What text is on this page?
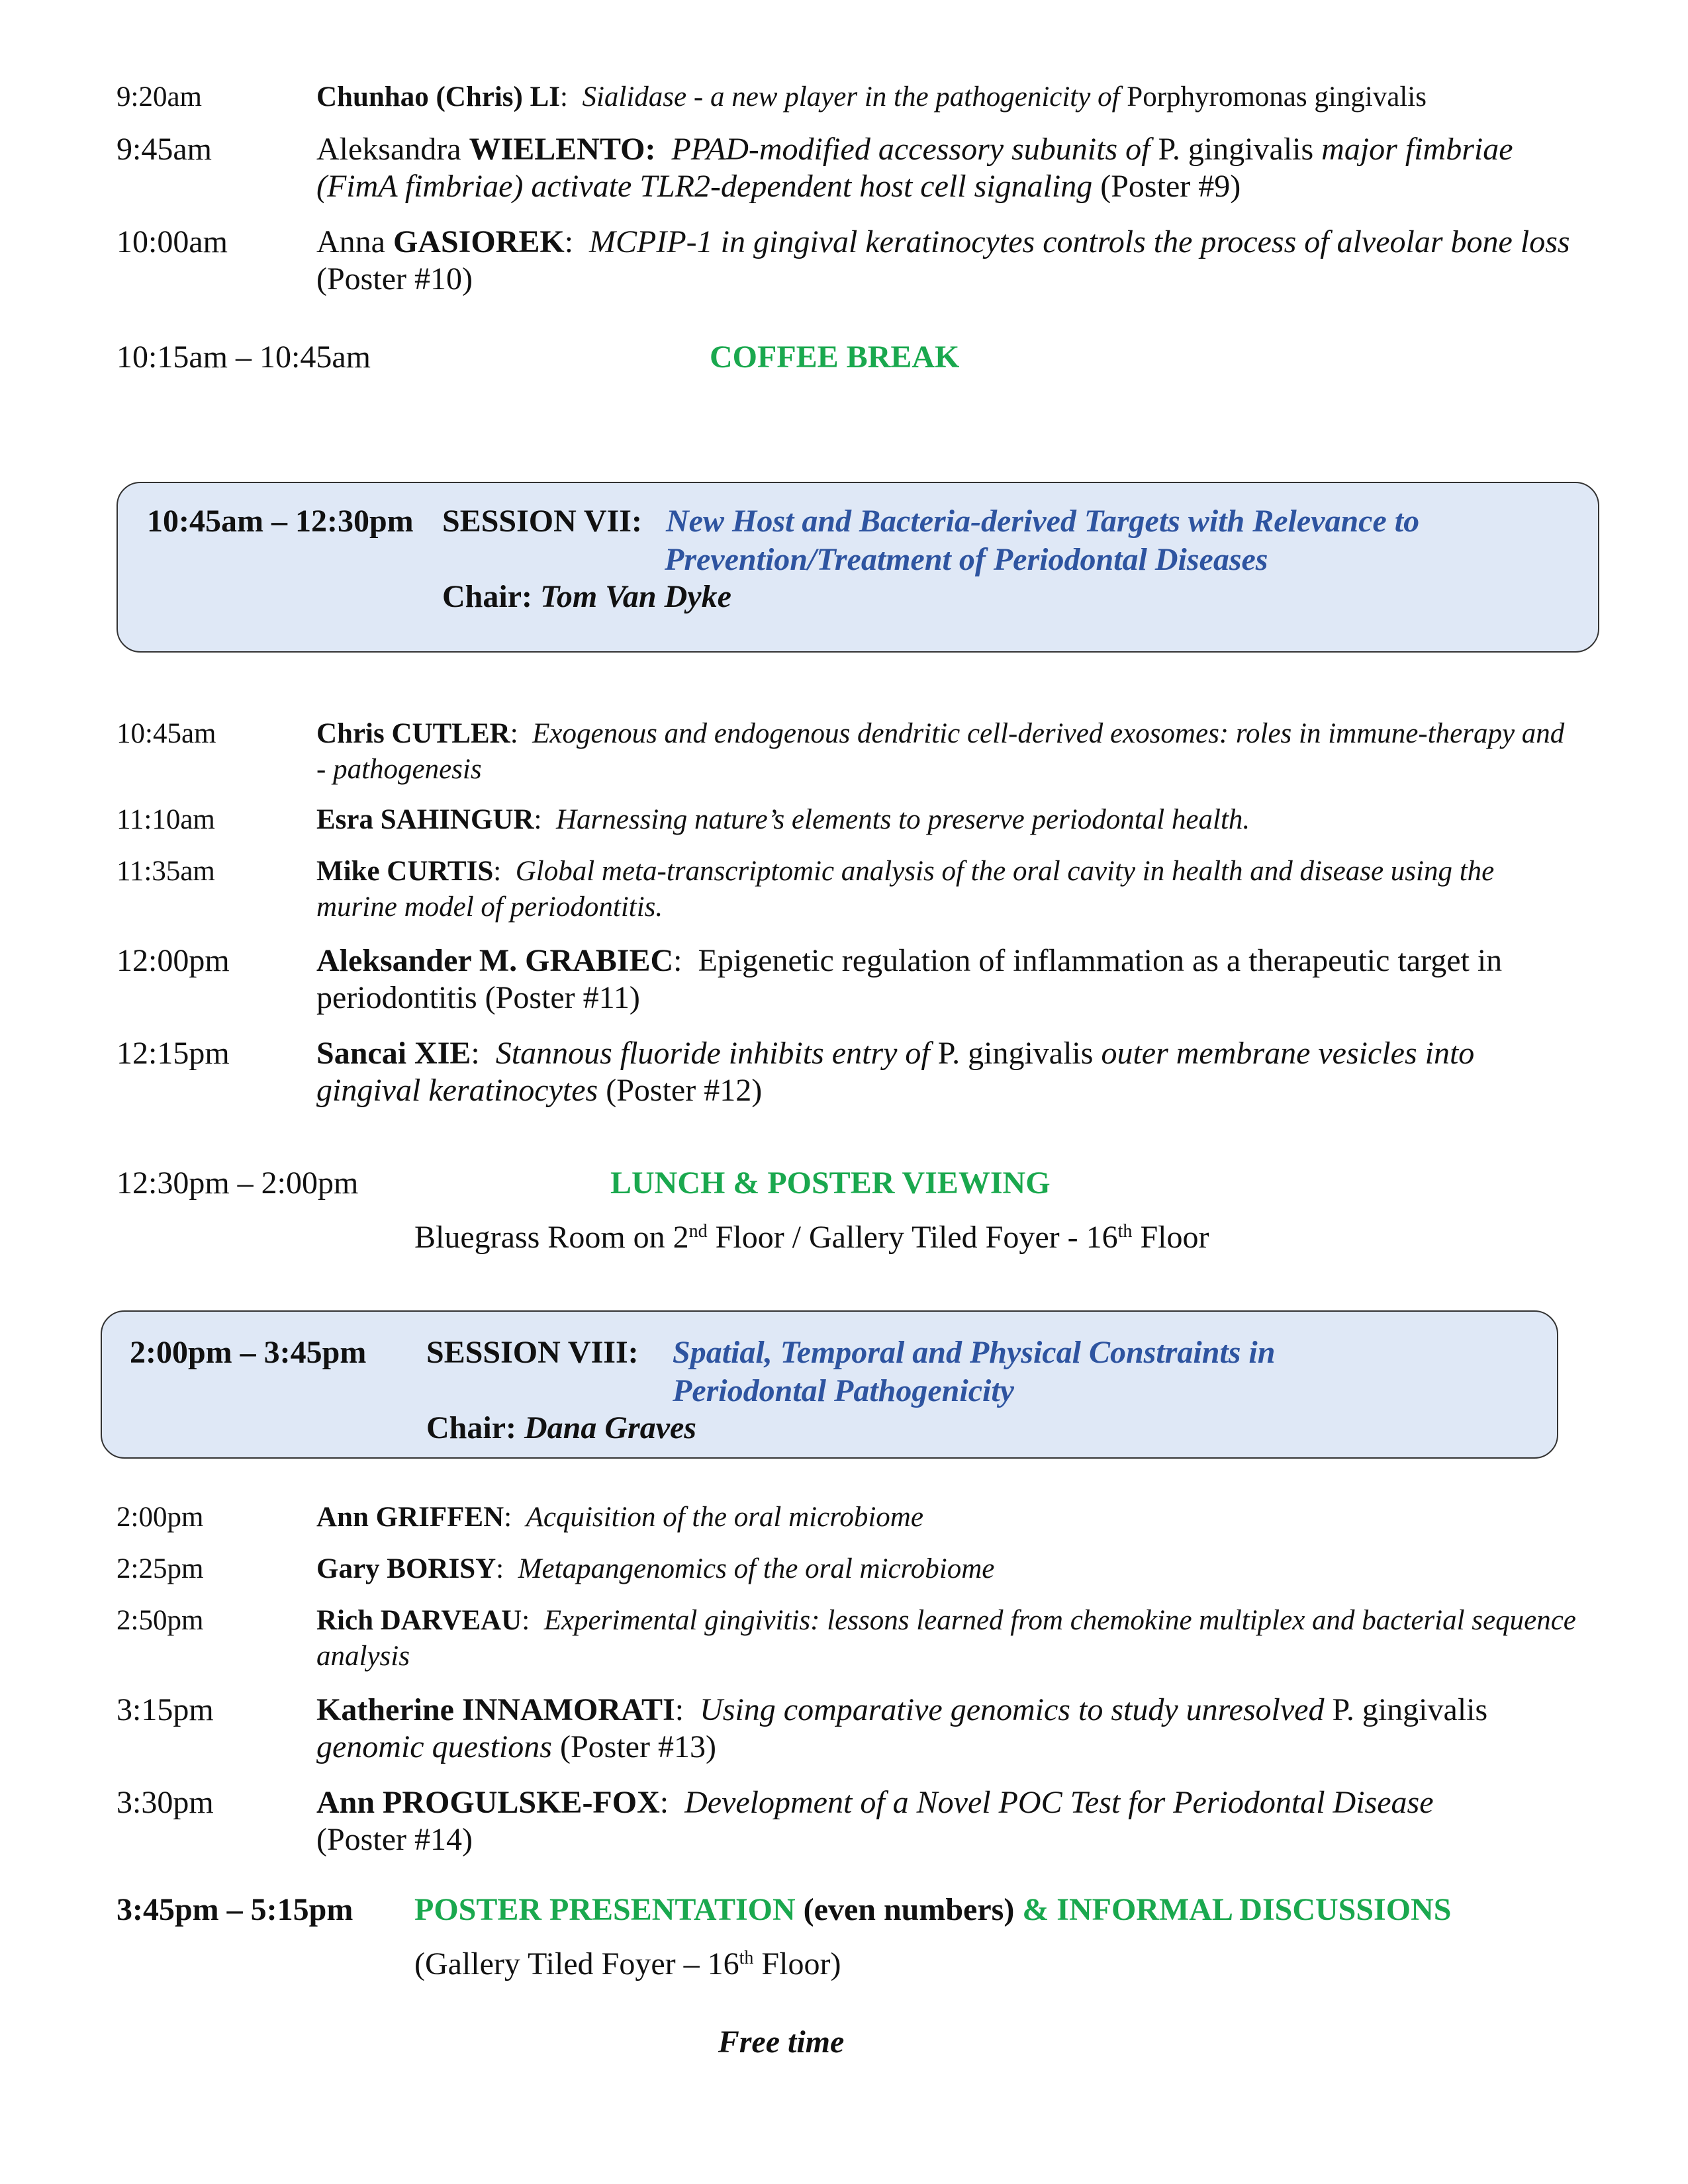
9:20am	Chunhao (Chris) LI:  Sialidase - a new player in the pathogenicity of Porphyromonas gingivalis
9:45am	Aleksandra WIELENTO: PPAD-modified accessory subunits of P. gingivalis major fimbriae (FimA fimbriae) activate TLR2-dependent host cell signaling (Poster #9)
10:00am	Anna GASIOREK:  MCPIP-1 in gingival keratinocytes controls the process of alveolar bone loss (Poster #10)
10:15am – 10:45am	COFFEE BREAK
10:45am – 12:30pm SESSION VII: New Host and Bacteria-derived Targets with Relevance to
Prevention/Treatment of Periodontal Diseases
Chair: Tom Van Dyke
10:45am	Chris CUTLER:  Exogenous and endogenous dendritic cell-derived exosomes: roles in immune-therapy and - pathogenesis
11:10am	Esra SAHINGUR:  Harnessing nature’s elements to preserve periodontal health.
11:35am	Mike CURTIS:  Global meta-transcriptomic analysis of the oral cavity in health and disease using the murine model of periodontitis.
12:00pm	Aleksander M. GRABIEC:  Epigenetic regulation of inflammation as a therapeutic target in periodontitis (Poster #11)
12:15pm	Sancai XIE:  Stannous fluoride inhibits entry of P. gingivalis outer membrane vesicles into gingival keratinocytes (Poster #12)
12:30pm – 2:00pm	LUNCH & POSTER VIEWING
Bluegrass Room on 2nd Floor / Gallery Tiled Foyer - 16th Floor
2:00pm – 3:45pm SESSION VIII: Spatial, Temporal and Physical Constraints in
Periodontal Pathogenicity
Chair: Dana Graves
2:00pm	Ann GRIFFEN:  Acquisition of the oral microbiome
2:25pm	Gary BORISY:  Metapangenomics of the oral microbiome
2:50pm	Rich DARVEAU:  Experimental gingivitis: lessons learned from chemokine multiplex and bacterial sequence analysis
3:15pm	Katherine INNAMORATI:  Using comparative genomics to study unresolved P. gingivalis genomic questions (Poster #13)
3:30pm	Ann PROGULSKE-FOX:  Development of a Novel POC Test for Periodontal Disease
(Poster #14)
3:45pm – 5:15pm POSTER PRESENTATION (even numbers) & INFORMAL DISCUSSIONS
(Gallery Tiled Foyer – 16th Floor)
Free time
